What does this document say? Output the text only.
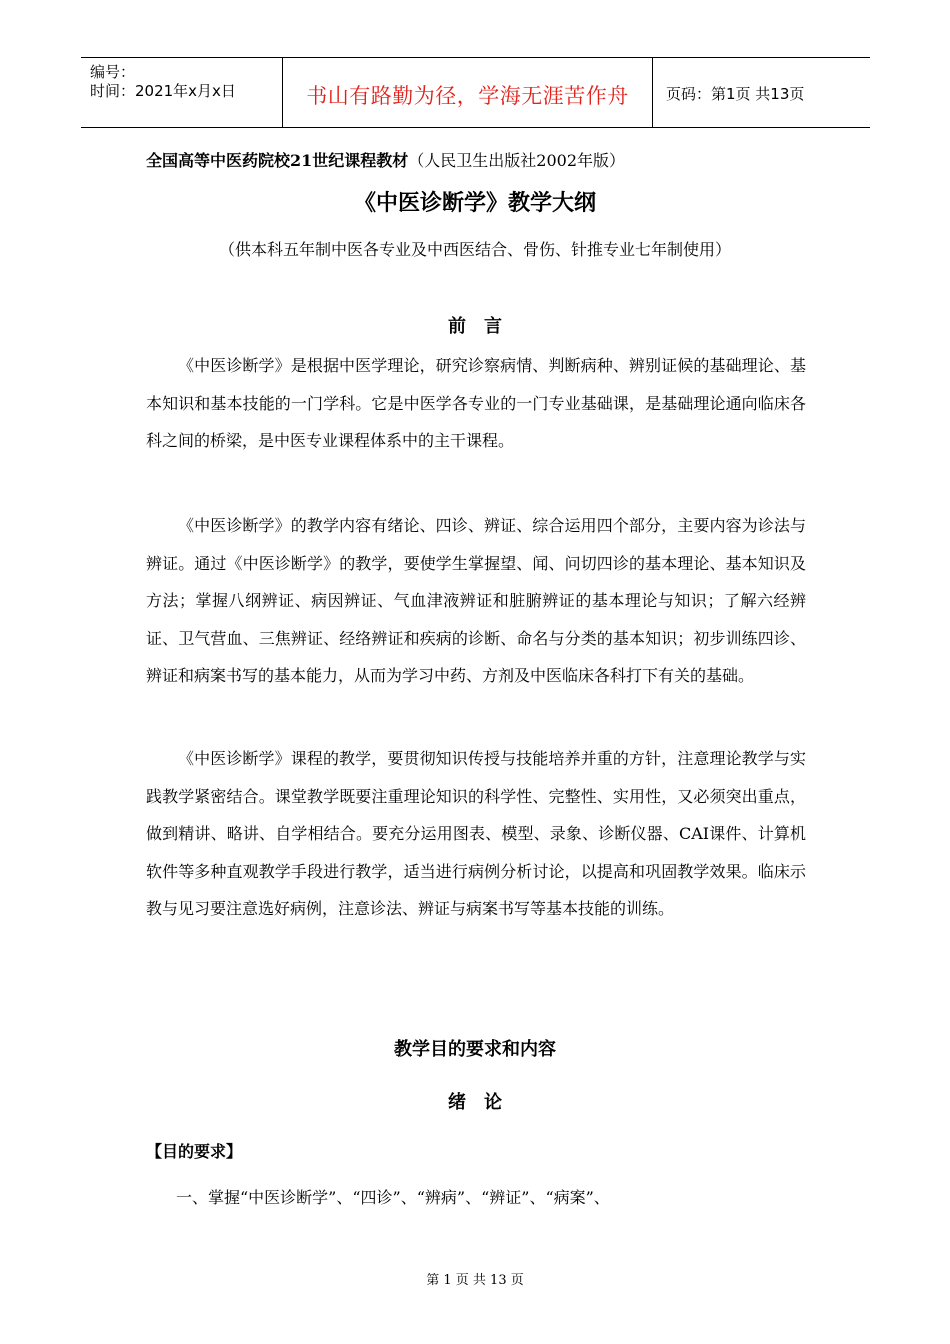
编号：
时间：2021年x月x日	书山有路勤为径，学海无涯苦作舟	页码：第1页 共13页
全国高等中医药院校21世纪课程教材（人民卫生出版社2002年版）
《中医诊断学》教学大纲
（供本科五年制中医各专业及中西医结合、骨伤、针推专业七年制使用）
前　言

《中医诊断学》是根据中医学理论，研究诊察病情、判断病种、辨别证候的基础理论、基本知识和基本技能的一门学科。它是中医学各专业的一门专业基础课，是基础理论通向临床各科之间的桥梁，是中医专业课程体系中的主干课程。

《中医诊断学》的教学内容有绪论、四诊、辨证、综合运用四个部分，主要内容为诊法与辨证。通过《中医诊断学》的教学，要使学生掌握望、闻、问切四诊的基本理论、基本知识及方法；掌握八纲辨证、病因辨证、气血津液辨证和脏腑辨证的基本理论与知识；了解六经辨证、卫气营血、三焦辨证、经络辨证和疾病的诊断、命名与分类的基本知识；初步训练四诊、辨证和病案书写的基本能力，从而为学习中药、方剂及中医临床各科打下有关的基础。

《中医诊断学》课程的教学，要贯彻知识传授与技能培养并重的方针，注意理论教学与实践教学紧密结合。课堂教学既要注重理论知识的科学性、完整性、实用性，又必须突出重点，做到精讲、略讲、自学相结合。要充分运用图表、模型、录象、诊断仪器、CAI课件、计算机软件等多种直观教学手段进行教学，适当进行病例分析讨论，以提高和巩固教学效果。临床示教与见习要注意选好病例，注意诊法、辨证与病案书写等基本技能的训练。

教学目的要求和内容
绪　论
【目的要求】
一、掌握“中医诊断学”、“四诊”、“辨病”、“辨证”、“病案”、
第 1 页 共 13 页
